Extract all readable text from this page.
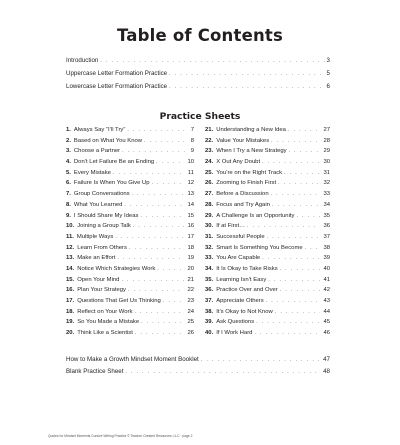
Table of Contents
Introduction . . .	3
Uppercase Letter Formation Practice . . .	5
Lowercase Letter Formation Practice . . .	6
Practice Sheets
1. Always Say “I’ll Try” . . .	7
2. Based on What You Know . . .	8
3. Choose a Partner . . .	9
4. Don’t Let Failure Be an Ending . . .	10
5. Every Mistake . . .	11
6. Failure Is When You Give Up . . .	12
7. Group Conversations . . .	13
8. What You Learned . . .	14
9. I Should Share My Ideas . . .	15
10. Joining a Group Talk . . .	16
11. Multiple Ways . . .	17
12. Learn From Others . . .	18
13. Make an Effort . . .	19
14. Notice Which Strategies Work . . .	20
15. Open Your Mind . . .	21
16. Plan Your Strategy . . .	22
17. Questions That Get Us Thinking . . .	23
18. Reflect on Your Work . . .	24
19. So You Made a Mistake . . .	25
20. Think Like a Scientist . . .	26
21. Understanding a New Idea . . .	27
22. Value Your Mistakes . . .	28
23. When I Try a New Strategy . . .	29
24. X Out Any Doubt . . .	30
25. You’re on the Right Track . . .	31
26. Zooming to Finish First . . .	32
27. Before a Discussion . . .	33
28. Focus and Try Again . . .	34
29. A Challenge Is an Opportunity . . .	35
30. If at First… . . .	36
31. Successful People . . .	37
32. Smart Is Something You Become . . .	38
33. You Are Capable . . .	39
34. It Is Okay to Take Risks . . .	40
35. Learning Isn’t Easy . . .	41
36. Practice Over and Over . . .	42
37. Appreciate Others . . .	43
38. It’s Okay to Not Know . . .	44
39. Ask Questions . . .	45
40. If I Work Hard . . .	46
How to Make a Growth Mindset Moment Booklet . . .	47
Blank Practice Sheet . . .	48
Quotes for Mindset Moments Cursive Writing Practice © Teacher Created Resources, LLC · page 2
